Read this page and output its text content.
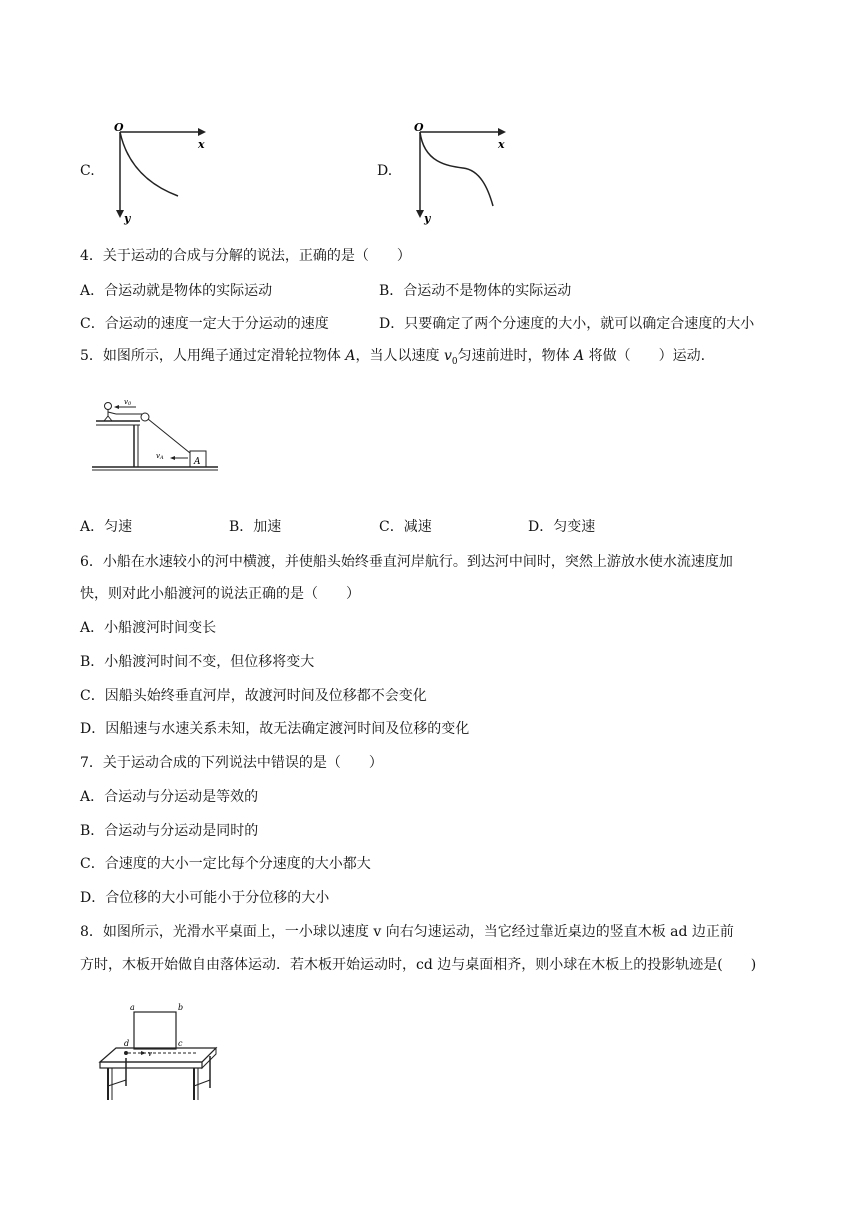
C.
O
x
y
D.
O
x
y
4．关于运动的合成与分解的说法，正确的是（　　）
A．合运动就是物体的实际运动	B．合运动不是物体的实际运动
C．合运动的速度一定大于分运动的速度	D．只要确定了两个分速度的大小，就可以确定合速度的大小
5．如图所示，人用绳子通过定滑轮拉物体 A，当人以速度 $v_0$匀速前进时，物体 A 将做（　　）运动.
A
v0
vA
A．匀速	B．加速	C．减速	D．匀变速
6．小船在水速较小的河中横渡，并使船头始终垂直河岸航行。到达河中间时，突然上游放水使水流速度加
快，则对此小船渡河的说法正确的是（　　）
A．小船渡河时间变长
B．小船渡河时间不变，但位移将变大
C．因船头始终垂直河岸，故渡河时间及位移都不会变化
D．因船速与水速关系未知，故无法确定渡河时间及位移的变化
7．关于运动合成的下列说法中错误的是（　　）
A．合运动与分运动是等效的
B．合运动与分运动是同时的
C．合速度的大小一定比每个分速度的大小都大
D．合位移的大小可能小于分位移的大小
8．如图所示，光滑水平桌面上，一小球以速度 v 向右匀速运动，当它经过靠近桌边的竖直木板 ad 边正前
方时，木板开始做自由落体运动．若木板开始运动时，cd 边与桌面相齐，则小球在木板上的投影轨迹是(　　)
a	b
c
d
v
